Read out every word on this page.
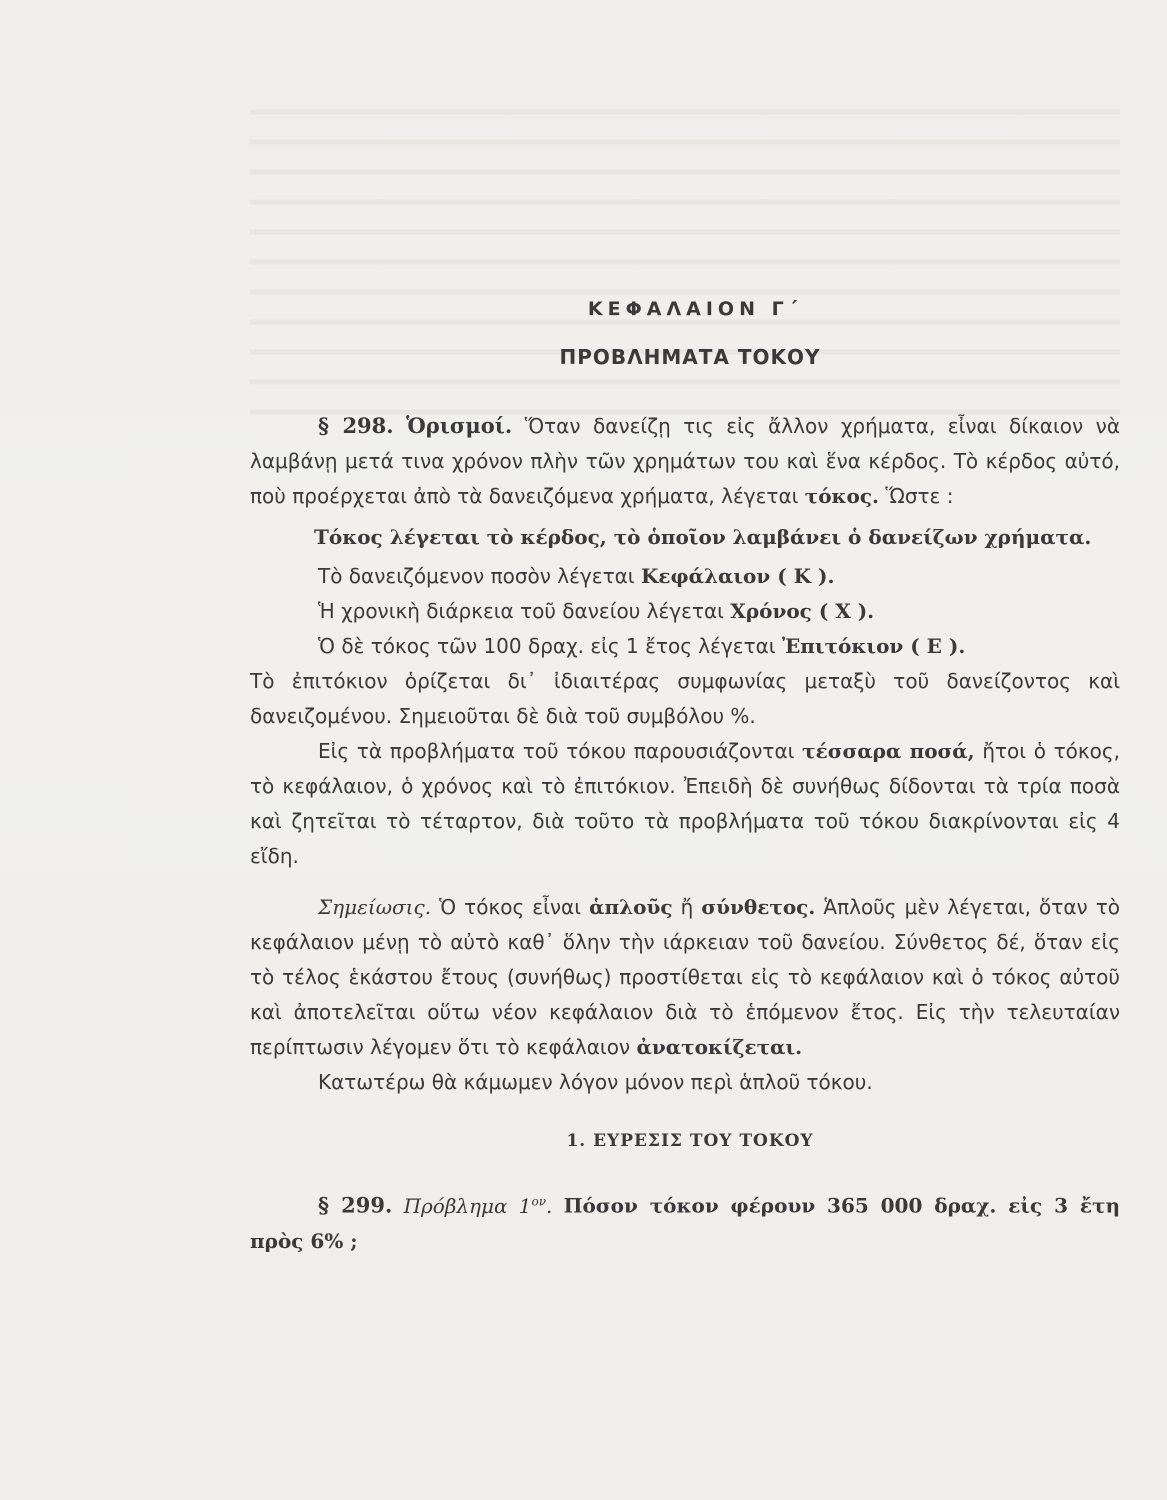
ΚΕΦΑΛΑΙΟΝ Γ΄
ΠΡΟΒΛΗΜΑΤΑ ΤΟΚΟΥ

§ 298. Ὁρισμοί. Ὅταν δανείζῃ τις εἰς ἄλλον χρήματα, εἶναι δίκαιον νὰ λαμβάνῃ μετά τινα χρόνον πλὴν τῶν χρημάτων του καὶ ἕνα κέρδος. Τὸ κέρδος αὐτό, ποὺ προέρχεται ἀπὸ τὰ δανειζόμενα χρήματα, λέγεται τόκος. Ὥστε :

Τόκος λέγεται τὸ κέρδος, τὸ ὁποῖον λαμβάνει ὁ δανείζων χρήματα.

Τὸ δανειζόμενον ποσὸν λέγεται Κεφάλαιον ( Κ ).

Ἡ χρονικὴ διάρκεια τοῦ δανείου λέγεται Χρόνος ( Χ ).

Ὁ δὲ τόκος τῶν 100 δραχ. εἰς 1 ἔτος λέγεται Ἐπιτόκιον ( Ε ).

Τὸ ἐπιτόκιον ὁρίζεται δι᾽ ἰδιαιτέρας συμφωνίας μεταξὺ τοῦ δανείζοντος καὶ δανειζομένου. Σημειοῦται δὲ διὰ τοῦ συμβόλου %.

Εἰς τὰ προβλήματα τοῦ τόκου παρουσιάζονται τέσσαρα ποσά, ἤτοι ὁ τόκος, τὸ κεφάλαιον, ὁ χρόνος καὶ τὸ ἐπιτόκιον. Ἐπειδὴ δὲ συνήθως δίδονται τὰ τρία ποσὰ καὶ ζητεῖται τὸ τέταρτον, διὰ τοῦτο τὰ προβλήματα τοῦ τόκου διακρίνονται εἰς 4 εἴδη.

Σημείωσις. Ὁ τόκος εἶναι ἁπλοῦς ἤ σύνθετος. Ἁπλοῦς μὲν λέγεται, ὅταν τὸ κεφάλαιον μένῃ τὸ αὐτὸ καθ᾽ ὅλην τὴν ιάρκειαν τοῦ δανείου. Σύνθετος δέ, ὅταν εἰς τὸ τέλος ἑκάστου ἔτους (συνήθως) προστίθεται εἰς τὸ κεφάλαιον καὶ ὁ τόκος αὐτοῦ καὶ ἀποτελεῖται οὕτω νέον κεφάλαιον διὰ τὸ ἑπόμενον ἔτος. Εἰς τὴν τελευταίαν περίπτωσιν λέγομεν ὅτι τὸ κεφάλαιον ἀνατοκίζεται.

Κατωτέρω θὰ κάμωμεν λόγον μόνον περὶ ἁπλοῦ τόκου.

1. ΕΥΡΕΣΙΣ ΤΟΥ ΤΟΚΟΥ

§ 299. Πρόβλημα $1^{o\nu}$. Πόσον τόκον φέρουν 365 000 δραχ. εἰς 3 ἔτη πρὸς 6% ;
